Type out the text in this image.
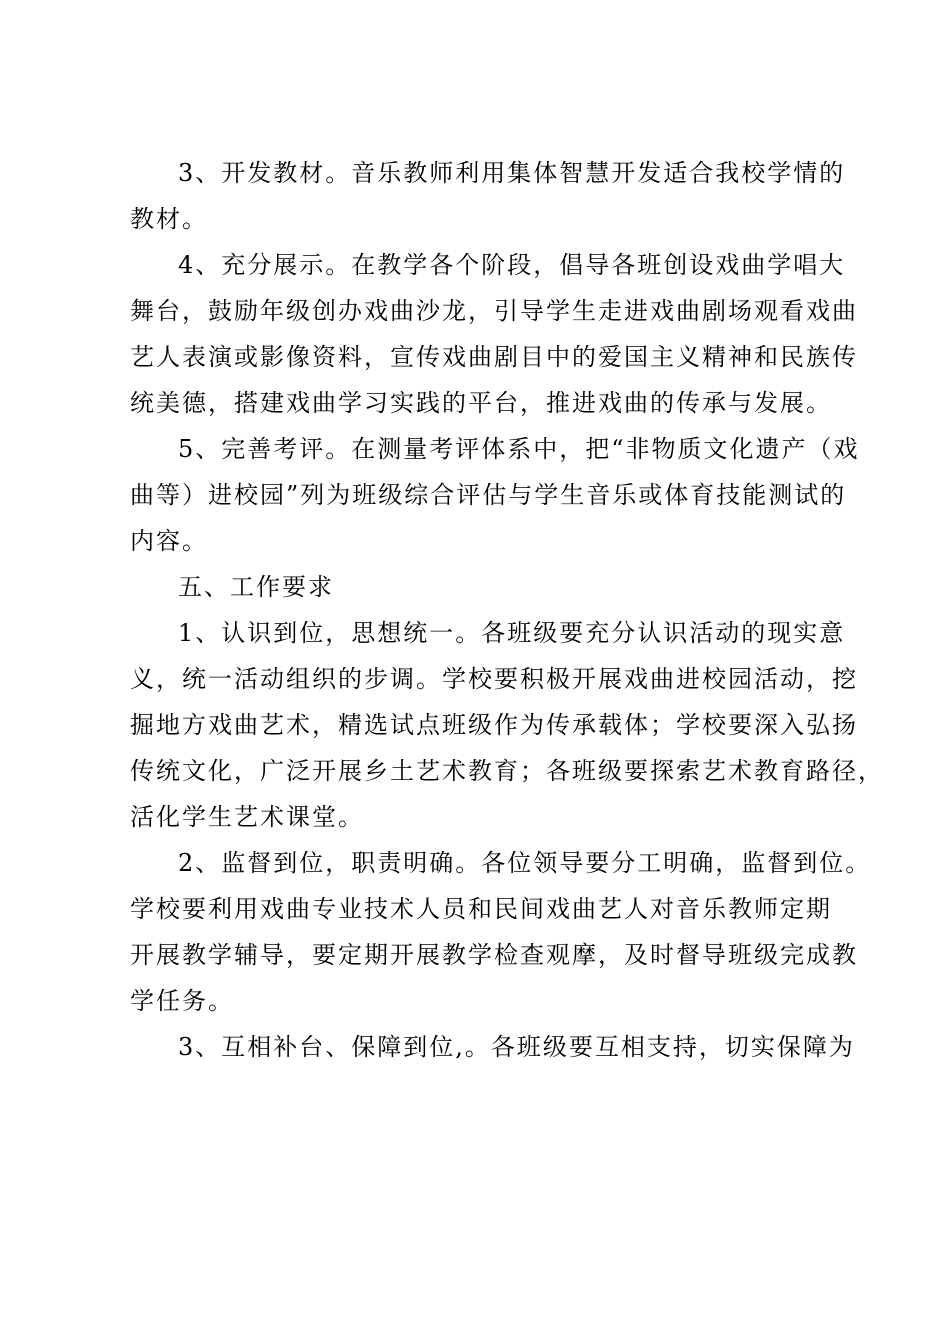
3、开发教材。音乐教师利用集体智慧开发适合我校学情的
教材。
4、充分展示。在教学各个阶段，倡导各班创设戏曲学唱大
舞台，鼓励年级创办戏曲沙龙，引导学生走进戏曲剧场观看戏曲
艺人表演或影像资料，宣传戏曲剧目中的爱国主义精神和民族传
统美德，搭建戏曲学习实践的平台，推进戏曲的传承与发展。
5、完善考评。在测量考评体系中，把“非物质文化遗产（戏
曲等）进校园”列为班级综合评估与学生音乐或体育技能测试的
内容。
五、工作要求
1、认识到位，思想统一。各班级要充分认识活动的现实意
义，统一活动组织的步调。学校要积极开展戏曲进校园活动，挖
掘地方戏曲艺术，精选试点班级作为传承载体；学校要深入弘扬
传统文化，广泛开展乡土艺术教育；各班级要探索艺术教育路径，
活化学生艺术课堂。
2、监督到位，职责明确。各位领导要分工明确，监督到位。
学校要利用戏曲专业技术人员和民间戏曲艺人对音乐教师定期
开展教学辅导，要定期开展教学检查观摩，及时督导班级完成教
学任务。
3、互相补台、保障到位,。各班级要互相支持，切实保障为
